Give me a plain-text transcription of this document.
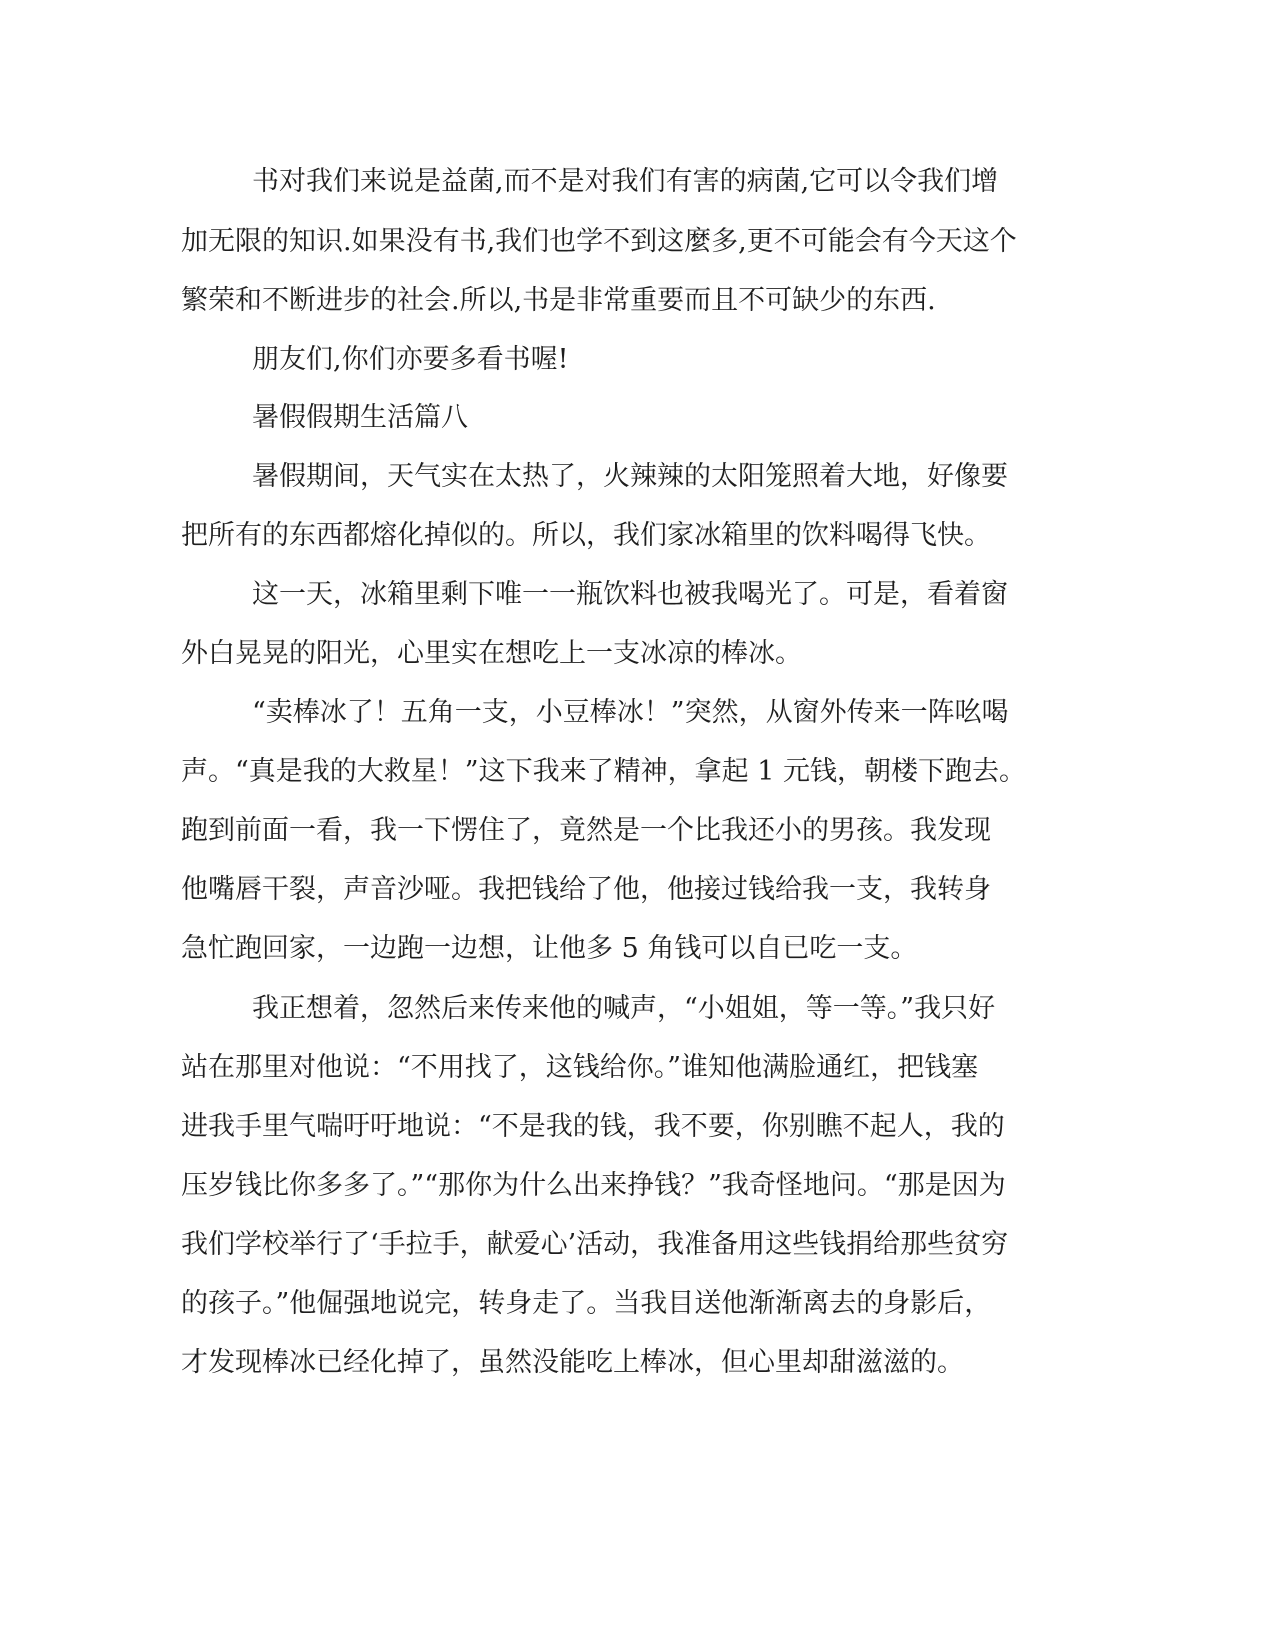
书对我们来说是益菌,而不是对我们有害的病菌,它可以令我们增

加无限的知识.如果没有书,我们也学不到这麼多,更不可能会有今天这个

繁荣和不断进步的社会.所以,书是非常重要而且不可缺少的东西.

朋友们,你们亦要多看书喔!

暑假假期生活篇八

暑假期间，天气实在太热了，火辣辣的太阳笼照着大地，好像要

把所有的东西都熔化掉似的。所以，我们家冰箱里的饮料喝得飞快。

这一天，冰箱里剩下唯一一瓶饮料也被我喝光了。可是，看着窗

外白晃晃的阳光，心里实在想吃上一支冰凉的棒冰。

“卖棒冰了！五角一支，小豆棒冰！”突然，从窗外传来一阵吆喝

声。“真是我的大救星！”这下我来了精神，拿起 1 元钱，朝楼下跑去。

跑到前面一看，我一下愣住了，竟然是一个比我还小的男孩。我发现

他嘴唇干裂，声音沙哑。我把钱给了他，他接过钱给我一支，我转身

急忙跑回家，一边跑一边想，让他多 5 角钱可以自已吃一支。

我正想着，忽然后来传来他的喊声，“小姐姐，等一等。”我只好

站在那里对他说：“不用找了，这钱给你。”谁知他满脸通红，把钱塞

进我手里气喘吁吁地说：“不是我的钱，我不要，你别瞧不起人，我的

压岁钱比你多多了。”“那你为什么出来挣钱？”我奇怪地问。“那是因为

我们学校举行了‘手拉手，献爱心’活动，我准备用这些钱捐给那些贫穷

的孩子。”他倔强地说完，转身走了。当我目送他渐渐离去的身影后，

才发现棒冰已经化掉了，虽然没能吃上棒冰，但心里却甜滋滋的。
